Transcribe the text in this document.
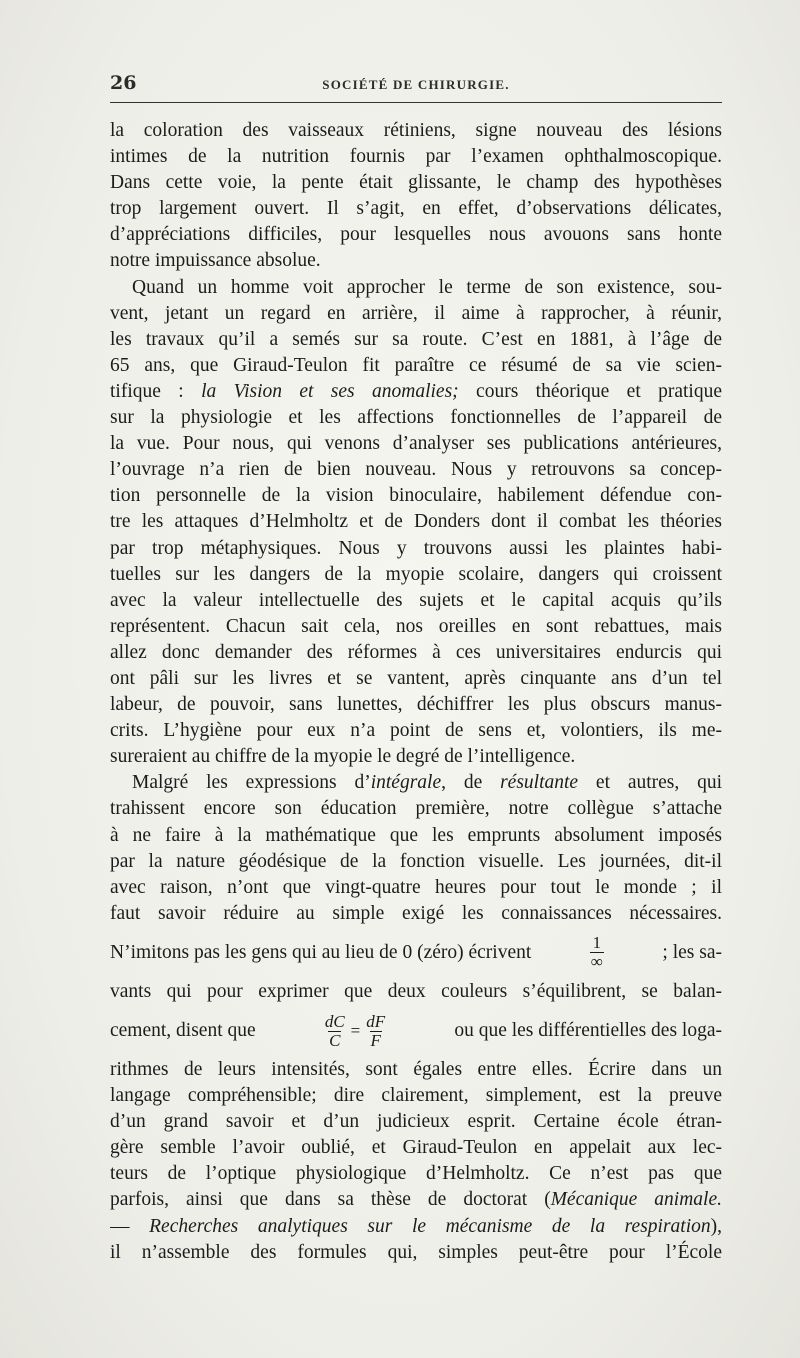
26	SOCIÉTÉ DE CHIRURGIE.
la coloration des vaisseaux rétiniens, signe nouveau des lésions
intimes de la nutrition fournis par l’examen ophthalmoscopique.
Dans cette voie, la pente était glissante, le champ des hypothèses
trop largement ouvert. Il s’agit, en effet, d’observations délicates,
d’appréciations difficiles, pour lesquelles nous avouons sans honte
notre impuissance absolue.
Quand un homme voit approcher le terme de son existence, sou-
vent, jetant un regard en arrière, il aime à rapprocher, à réunir,
les travaux qu’il a semés sur sa route. C’est en 1881, à l’âge de
65 ans, que Giraud-Teulon fit paraître ce résumé de sa vie scien-
tifique : la Vision et ses anomalies; cours théorique et pratique
sur la physiologie et les affections fonctionnelles de l’appareil de
la vue. Pour nous, qui venons d’analyser ses publications antérieures,
l’ouvrage n’a rien de bien nouveau. Nous y retrouvons sa concep-
tion personnelle de la vision binoculaire, habilement défendue con-
tre les attaques d’Helmholtz et de Donders dont il combat les théories
par trop métaphysiques. Nous y trouvons aussi les plaintes habi-
tuelles sur les dangers de la myopie scolaire, dangers qui croissent
avec la valeur intellectuelle des sujets et le capital acquis qu’ils
représentent. Chacun sait cela, nos oreilles en sont rebattues, mais
allez donc demander des réformes à ces universitaires endurcis qui
ont pâli sur les livres et se vantent, après cinquante ans d’un tel
labeur, de pouvoir, sans lunettes, déchiffrer les plus obscurs manus-
crits. L’hygiène pour eux n’a point de sens et, volontiers, ils me-
sureraient au chiffre de la myopie le degré de l’intelligence.
Malgré les expressions d’intégrale, de résultante et autres, qui
trahissent encore son éducation première, notre collègue s’attache
à ne faire à la mathématique que les emprunts absolument imposés
par la nature géodésique de la fonction visuelle. Les journées, dit-il
avec raison, n’ont que vingt-quatre heures pour tout le monde ; il
faut savoir réduire au simple exigé les connaissances nécessaires.
N’imitons pas les gens qui au lieu de 0 (zéro) écrivent	$\frac{1}{\infty}$	; les sa-
vants qui pour exprimer que deux couleurs s’équilibrent, se balan-
cement, disent que	$\frac{dC}{C} = \frac{dF}{F}$	ou que les différentielles des loga-
rithmes de leurs intensités, sont égales entre elles. Écrire dans un
langage compréhensible; dire clairement, simplement, est la preuve
d’un grand savoir et d’un judicieux esprit. Certaine école étran-
gère semble l’avoir oublié, et Giraud-Teulon en appelait aux lec-
teurs de l’optique physiologique d’Helmholtz. Ce n’est pas que
parfois, ainsi que dans sa thèse de doctorat (Mécanique animale.
— Recherches analytiques sur le mécanisme de la respiration),
il n’assemble des formules qui, simples peut-être pour l’École
